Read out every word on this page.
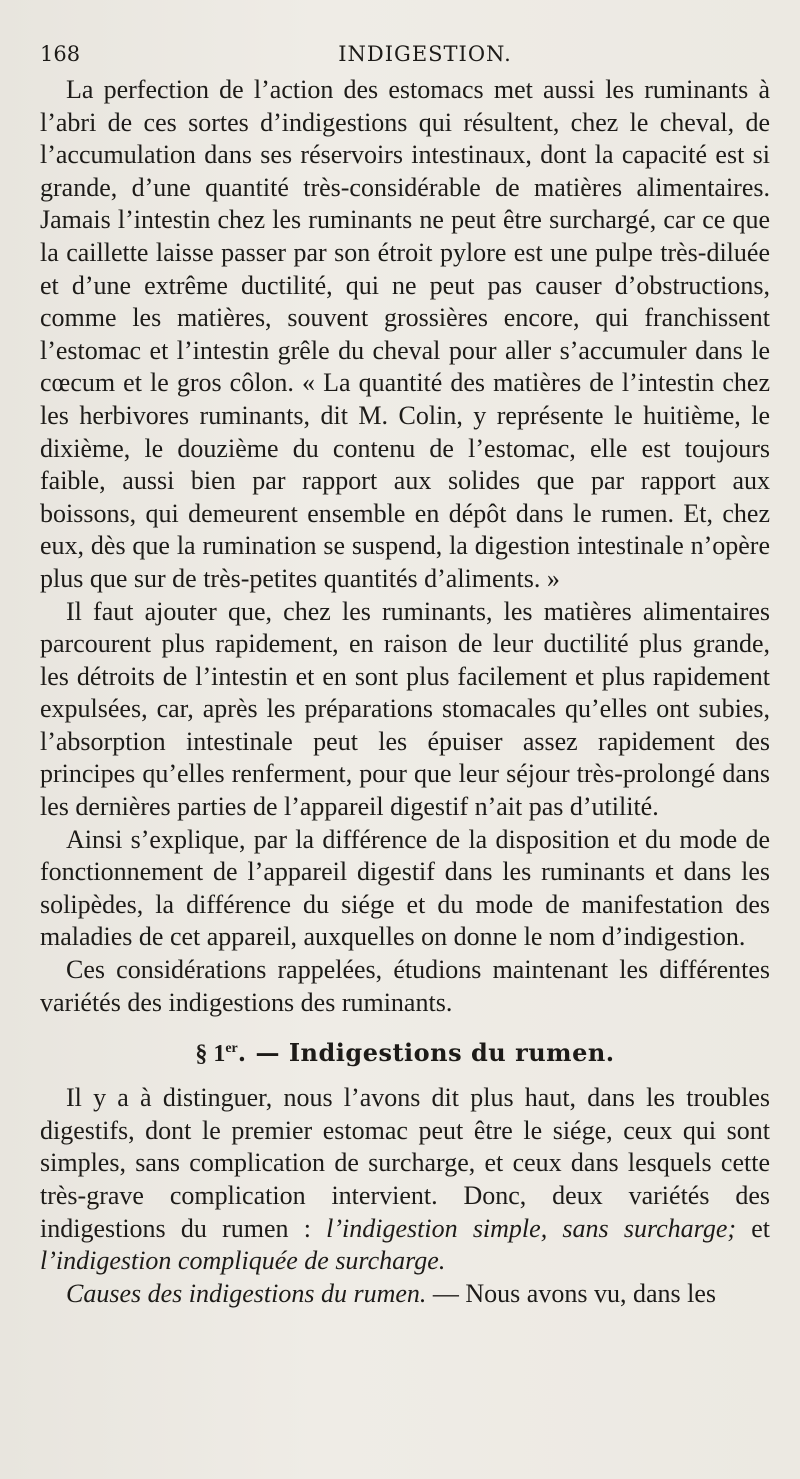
168	INDIGESTION.

La perfection de l’action des estomacs met aussi les ruminants à l’abri de ces sortes d’indigestions qui résultent, chez le cheval, de l’accumulation dans ses réservoirs intestinaux, dont la capacité est si grande, d’une quantité très-considérable de matières alimentaires. Jamais l’intestin chez les ruminants ne peut être surchargé, car ce que la caillette laisse passer par son étroit pylore est une pulpe très-diluée et d’une extrême ductilité, qui ne peut pas causer d’obstructions, comme les matières, souvent grossières encore, qui franchissent l’estomac et l’intestin grêle du cheval pour aller s’accumuler dans le cœcum et le gros côlon. « La quantité des matières de l’intestin chez les herbivores ruminants, dit M. Colin, y représente le huitième, le dixième, le douzième du contenu de l’estomac, elle est toujours faible, aussi bien par rapport aux solides que par rapport aux boissons, qui demeurent ensemble en dépôt dans le rumen. Et, chez eux, dès que la rumination se suspend, la digestion intestinale n’opère plus que sur de très-petites quantités d’aliments. »

Il faut ajouter que, chez les ruminants, les matières alimentaires parcourent plus rapidement, en raison de leur ductilité plus grande, les détroits de l’intestin et en sont plus facilement et plus rapidement expulsées, car, après les préparations stomacales qu’elles ont subies, l’absorption intestinale peut les épuiser assez rapidement des principes qu’elles renferment, pour que leur séjour très-prolongé dans les dernières parties de l’appareil digestif n’ait pas d’utilité.

Ainsi s’explique, par la différence de la disposition et du mode de fonctionnement de l’appareil digestif dans les ruminants et dans les solipèdes, la différence du siége et du mode de manifestation des maladies de cet appareil, auxquelles on donne le nom d’indigestion.

Ces considérations rappelées, étudions maintenant les différentes variétés des indigestions des ruminants.

§ 1er. — Indigestions du rumen.

Il y a à distinguer, nous l’avons dit plus haut, dans les troubles digestifs, dont le premier estomac peut être le siége, ceux qui sont simples, sans complication de surcharge, et ceux dans lesquels cette très-grave complication intervient. Donc, deux variétés des indigestions du rumen : l’indigestion simple, sans surcharge; et l’indigestion compliquée de surcharge.

Causes des indigestions du rumen. — Nous avons vu, dans les
